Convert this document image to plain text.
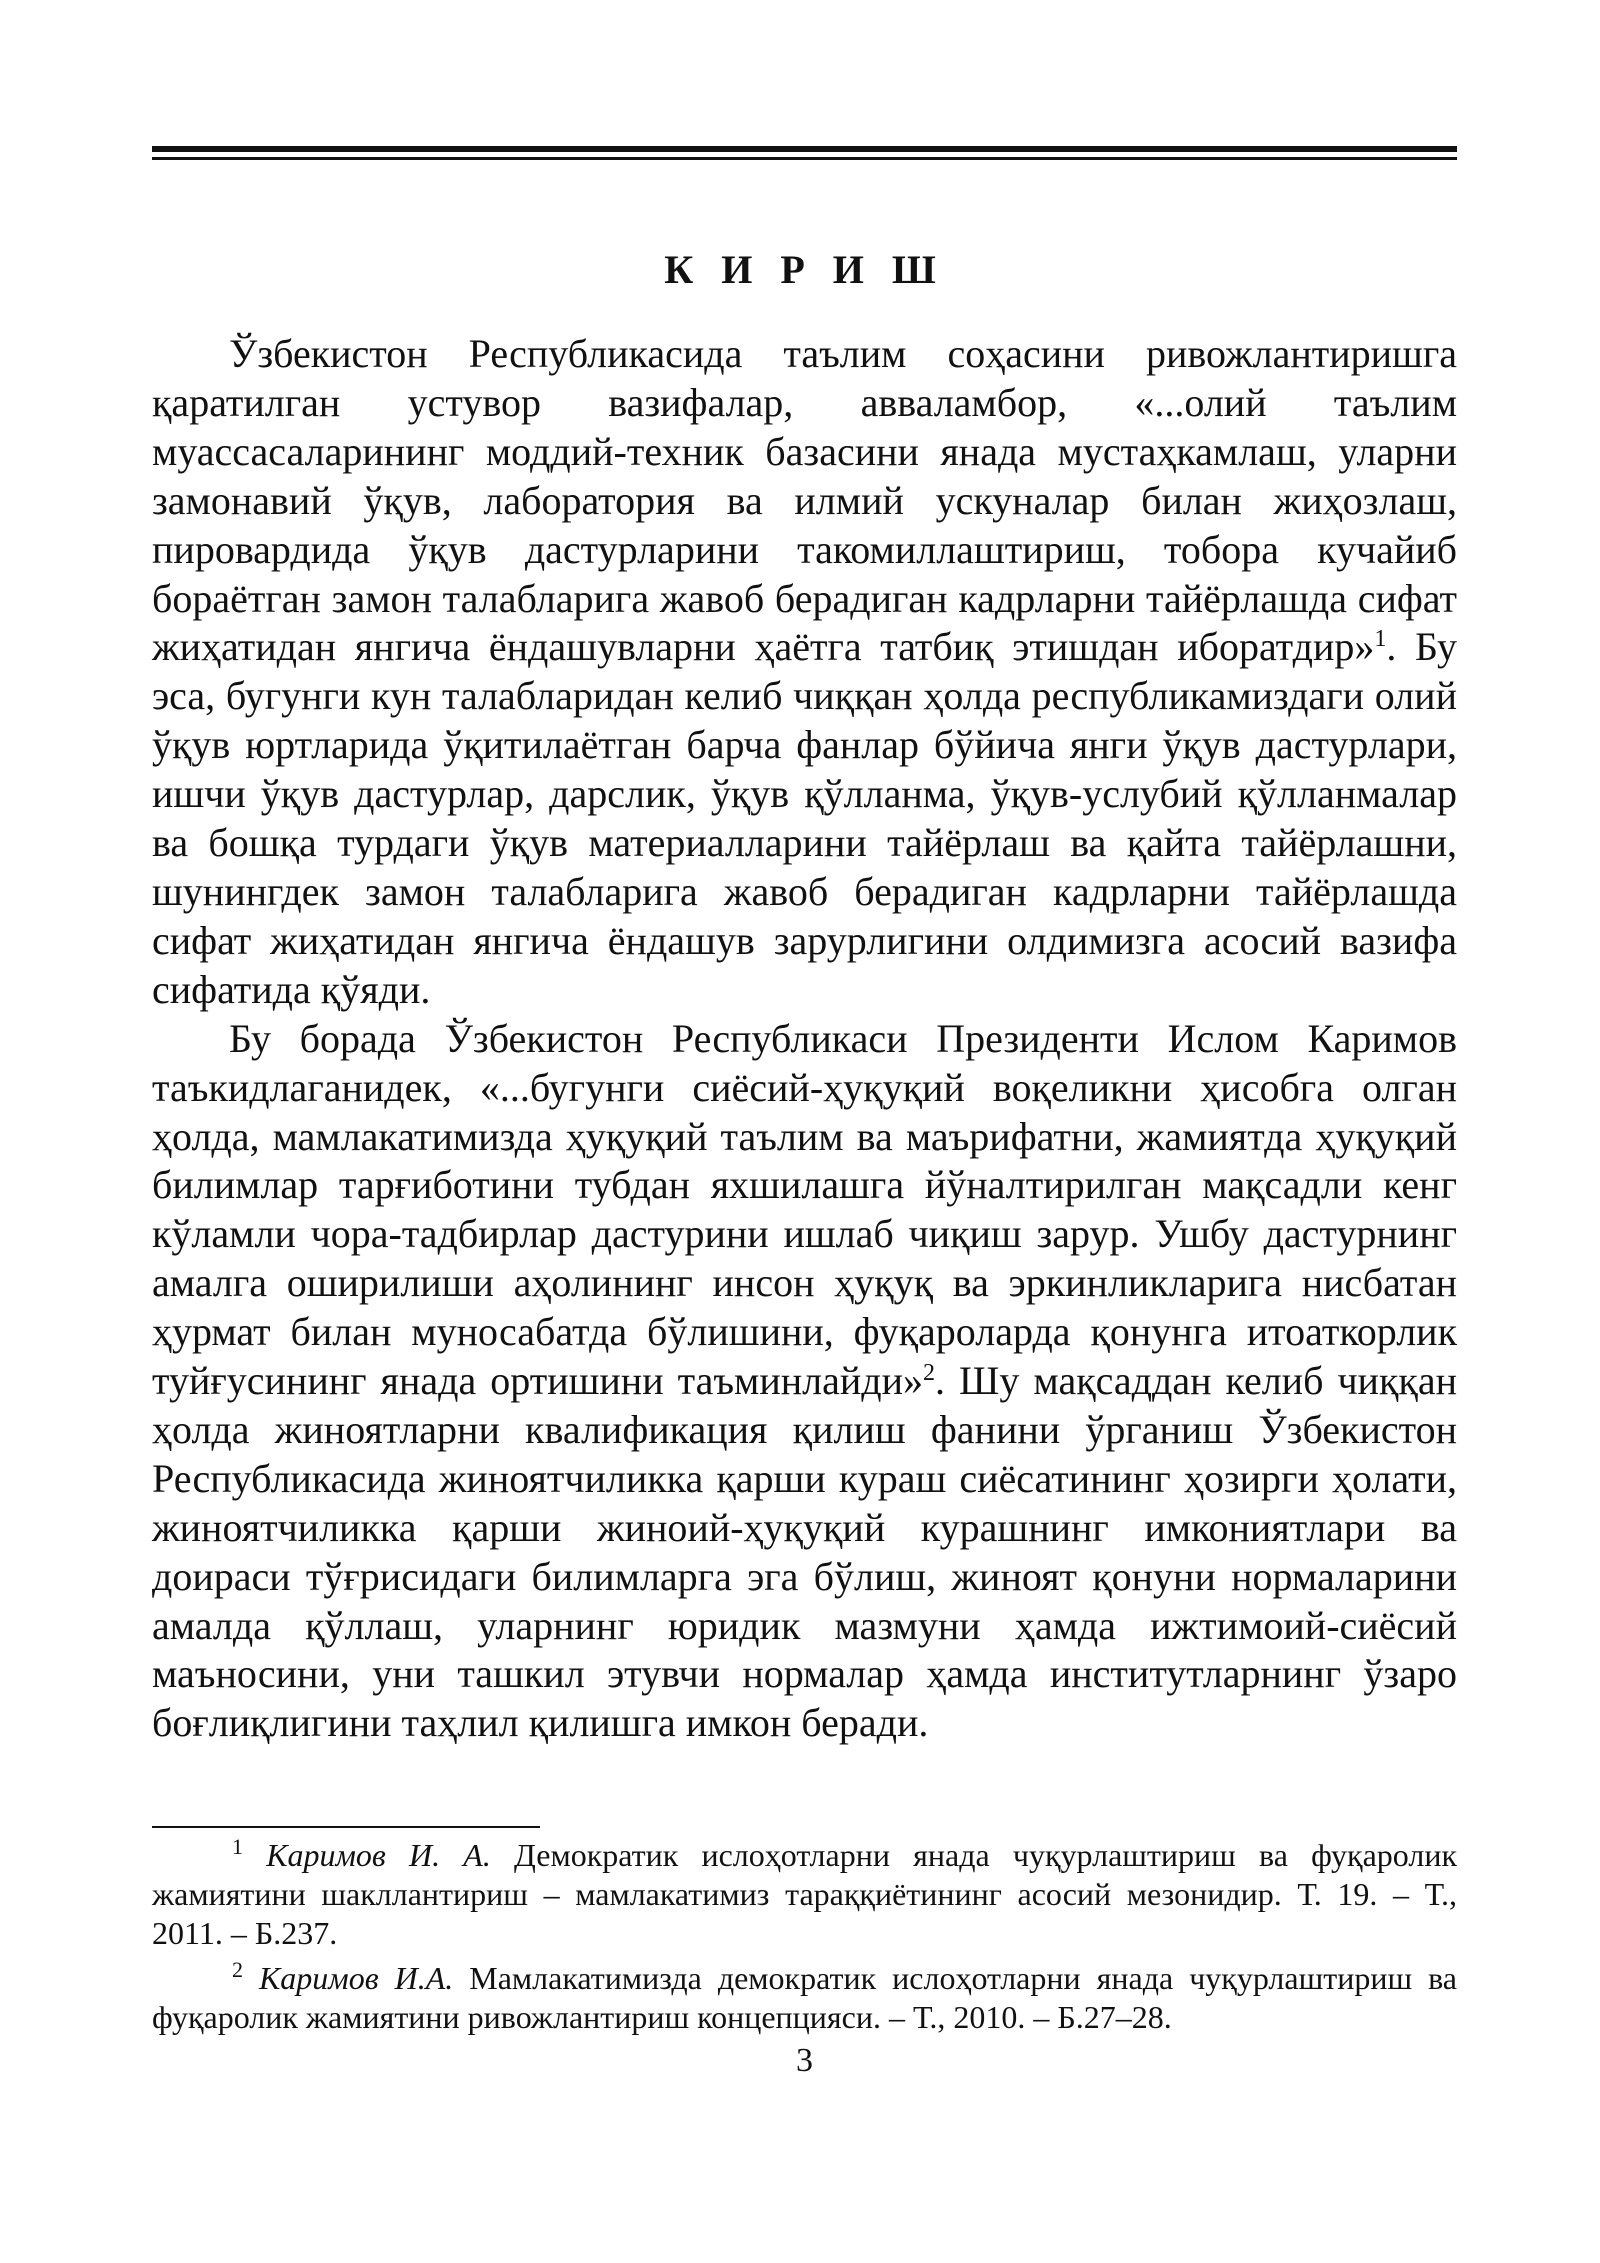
К И Р И Ш

Ўзбекистон Республикасида таълим соҳасини ривожлантиришга қаратилган устувор вазифалар, авваламбор, «...олий таълим муассасаларининг моддий-техник базасини янада мустаҳкамлаш, уларни замонавий ўқув, лаборатория ва илмий ускуналар билан жиҳозлаш, пировардида ўқув дастурларини такомиллаштириш, тобора кучайиб бораётган замон талабларига жавоб берадиган кадрларни тайёрлашда сифат жиҳатидан янгича ёндашувларни ҳаётга татбиқ этишдан иборатдир»$^1$. Бу эса, бугунги кун талабларидан келиб чиққан ҳолда республикамиздаги олий ўқув юртларида ўқитилаётган барча фанлар бўйича янги ўқув дастурлари, ишчи ўқув дастурлар, дарслик, ўқув қўлланма, ўқув-услубий қўлланмалар ва бошқа турдаги ўқув материалларини тайёрлаш ва қайта тайёрлашни, шунингдек замон талабларига жавоб берадиган кадрларни тайёрлашда сифат жиҳатидан янгича ёндашув зарурлигини олдимизга асосий вазифа сифатида қўяди.

Бу борада Ўзбекистон Республикаси Президенти Ислом Каримов таъкидлаганидек, «...бугунги сиёсий-ҳуқуқий воқеликни ҳисобга олган ҳолда, мамлакатимизда ҳуқуқий таълим ва маърифатни, жамиятда ҳуқуқий билимлар тарғиботини тубдан яхшилашга йўналтирилган мақсадли кенг кўламли чора-тадбирлар дастурини ишлаб чиқиш зарур. Ушбу дастурнинг амалга оширилиши аҳолининг инсон ҳуқуқ ва эркинликларига нисбатан ҳурмат билан муносабатда бўлишини, фуқароларда қонунга итоаткорлик туйғусининг янада ортишини таъминлайди»$^2$. Шу мақсаддан келиб чиққан ҳолда жиноятларни квалификация қилиш фанини ўрганиш Ўзбекистон Республикасида жиноятчиликка қарши кураш сиёсатининг ҳозирги ҳолати, жиноятчиликка қарши жиноий-ҳуқуқий курашнинг имкониятлари ва доираси тўғрисидаги билимларга эга бўлиш, жиноят қонуни нормаларини амалда қўллаш, уларнинг юридик мазмуни ҳамда ижтимоий-сиёсий маъносини, уни ташкил этувчи нормалар ҳамда институтларнинг ўзаро боғлиқлигини таҳлил қилишга имкон беради.

$^1$ Каримов И. А. Демократик ислоҳотларни янада чуқурлаштириш ва фуқаролик жамиятини шакллантириш – мамлакатимиз тараққиётининг асосий мезонидир. Т. 19. – Т., 2011. – Б.237.

$^2$ Каримов И.А. Мамлакатимизда демократик ислоҳотларни янада чуқурлаштириш ва фуқаролик жамиятини ривожлантириш концепцияси. – Т., 2010. – Б.27–28.

3
